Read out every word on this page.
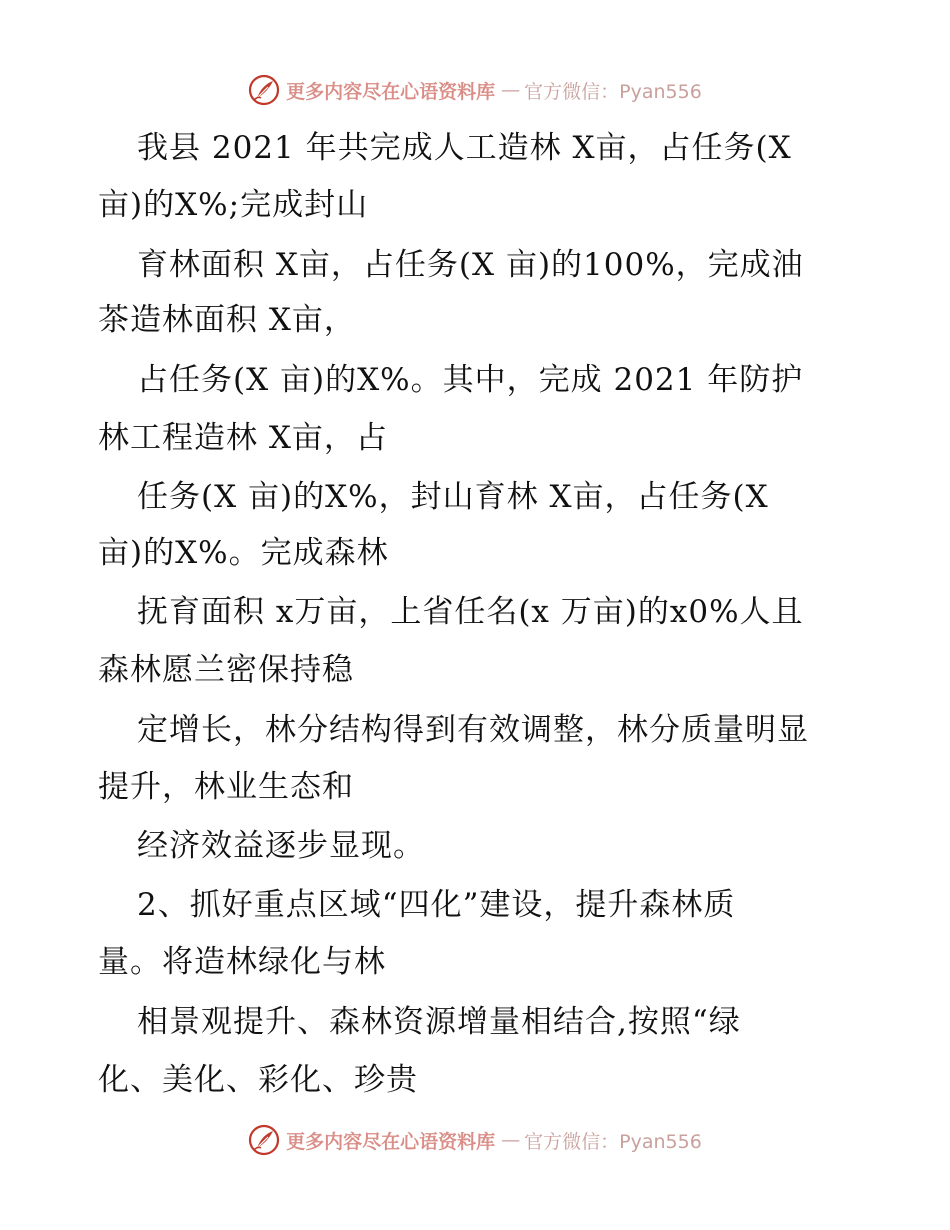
更多内容尽在心语资料库 — 官方微信：Pyan556
我县 2021 年共完成人工造林 X亩，占任务(X
亩)的X%;完成封山
育林面积 X亩，占任务(X 亩)的100%，完成油
茶造林面积 X亩，
占任务(X 亩)的X%。其中，完成 2021 年防护
林工程造林 X亩，占
任务(X 亩)的X%，封山育林 X亩，占任务(X
亩)的X%。完成森林
抚育面积 x万亩，上省任名(x 万亩)的x0%人且
森林愿兰密保持稳
定增长，林分结构得到有效调整，林分质量明显
提升，林业生态和
经济效益逐步显现。
2、抓好重点区域“四化”建设，提升森林质
量。将造林绿化与林
相景观提升、森林资源增量相结合,按照“绿
化、美化、彩化、珍贵
更多内容尽在心语资料库 — 官方微信：Pyan556
